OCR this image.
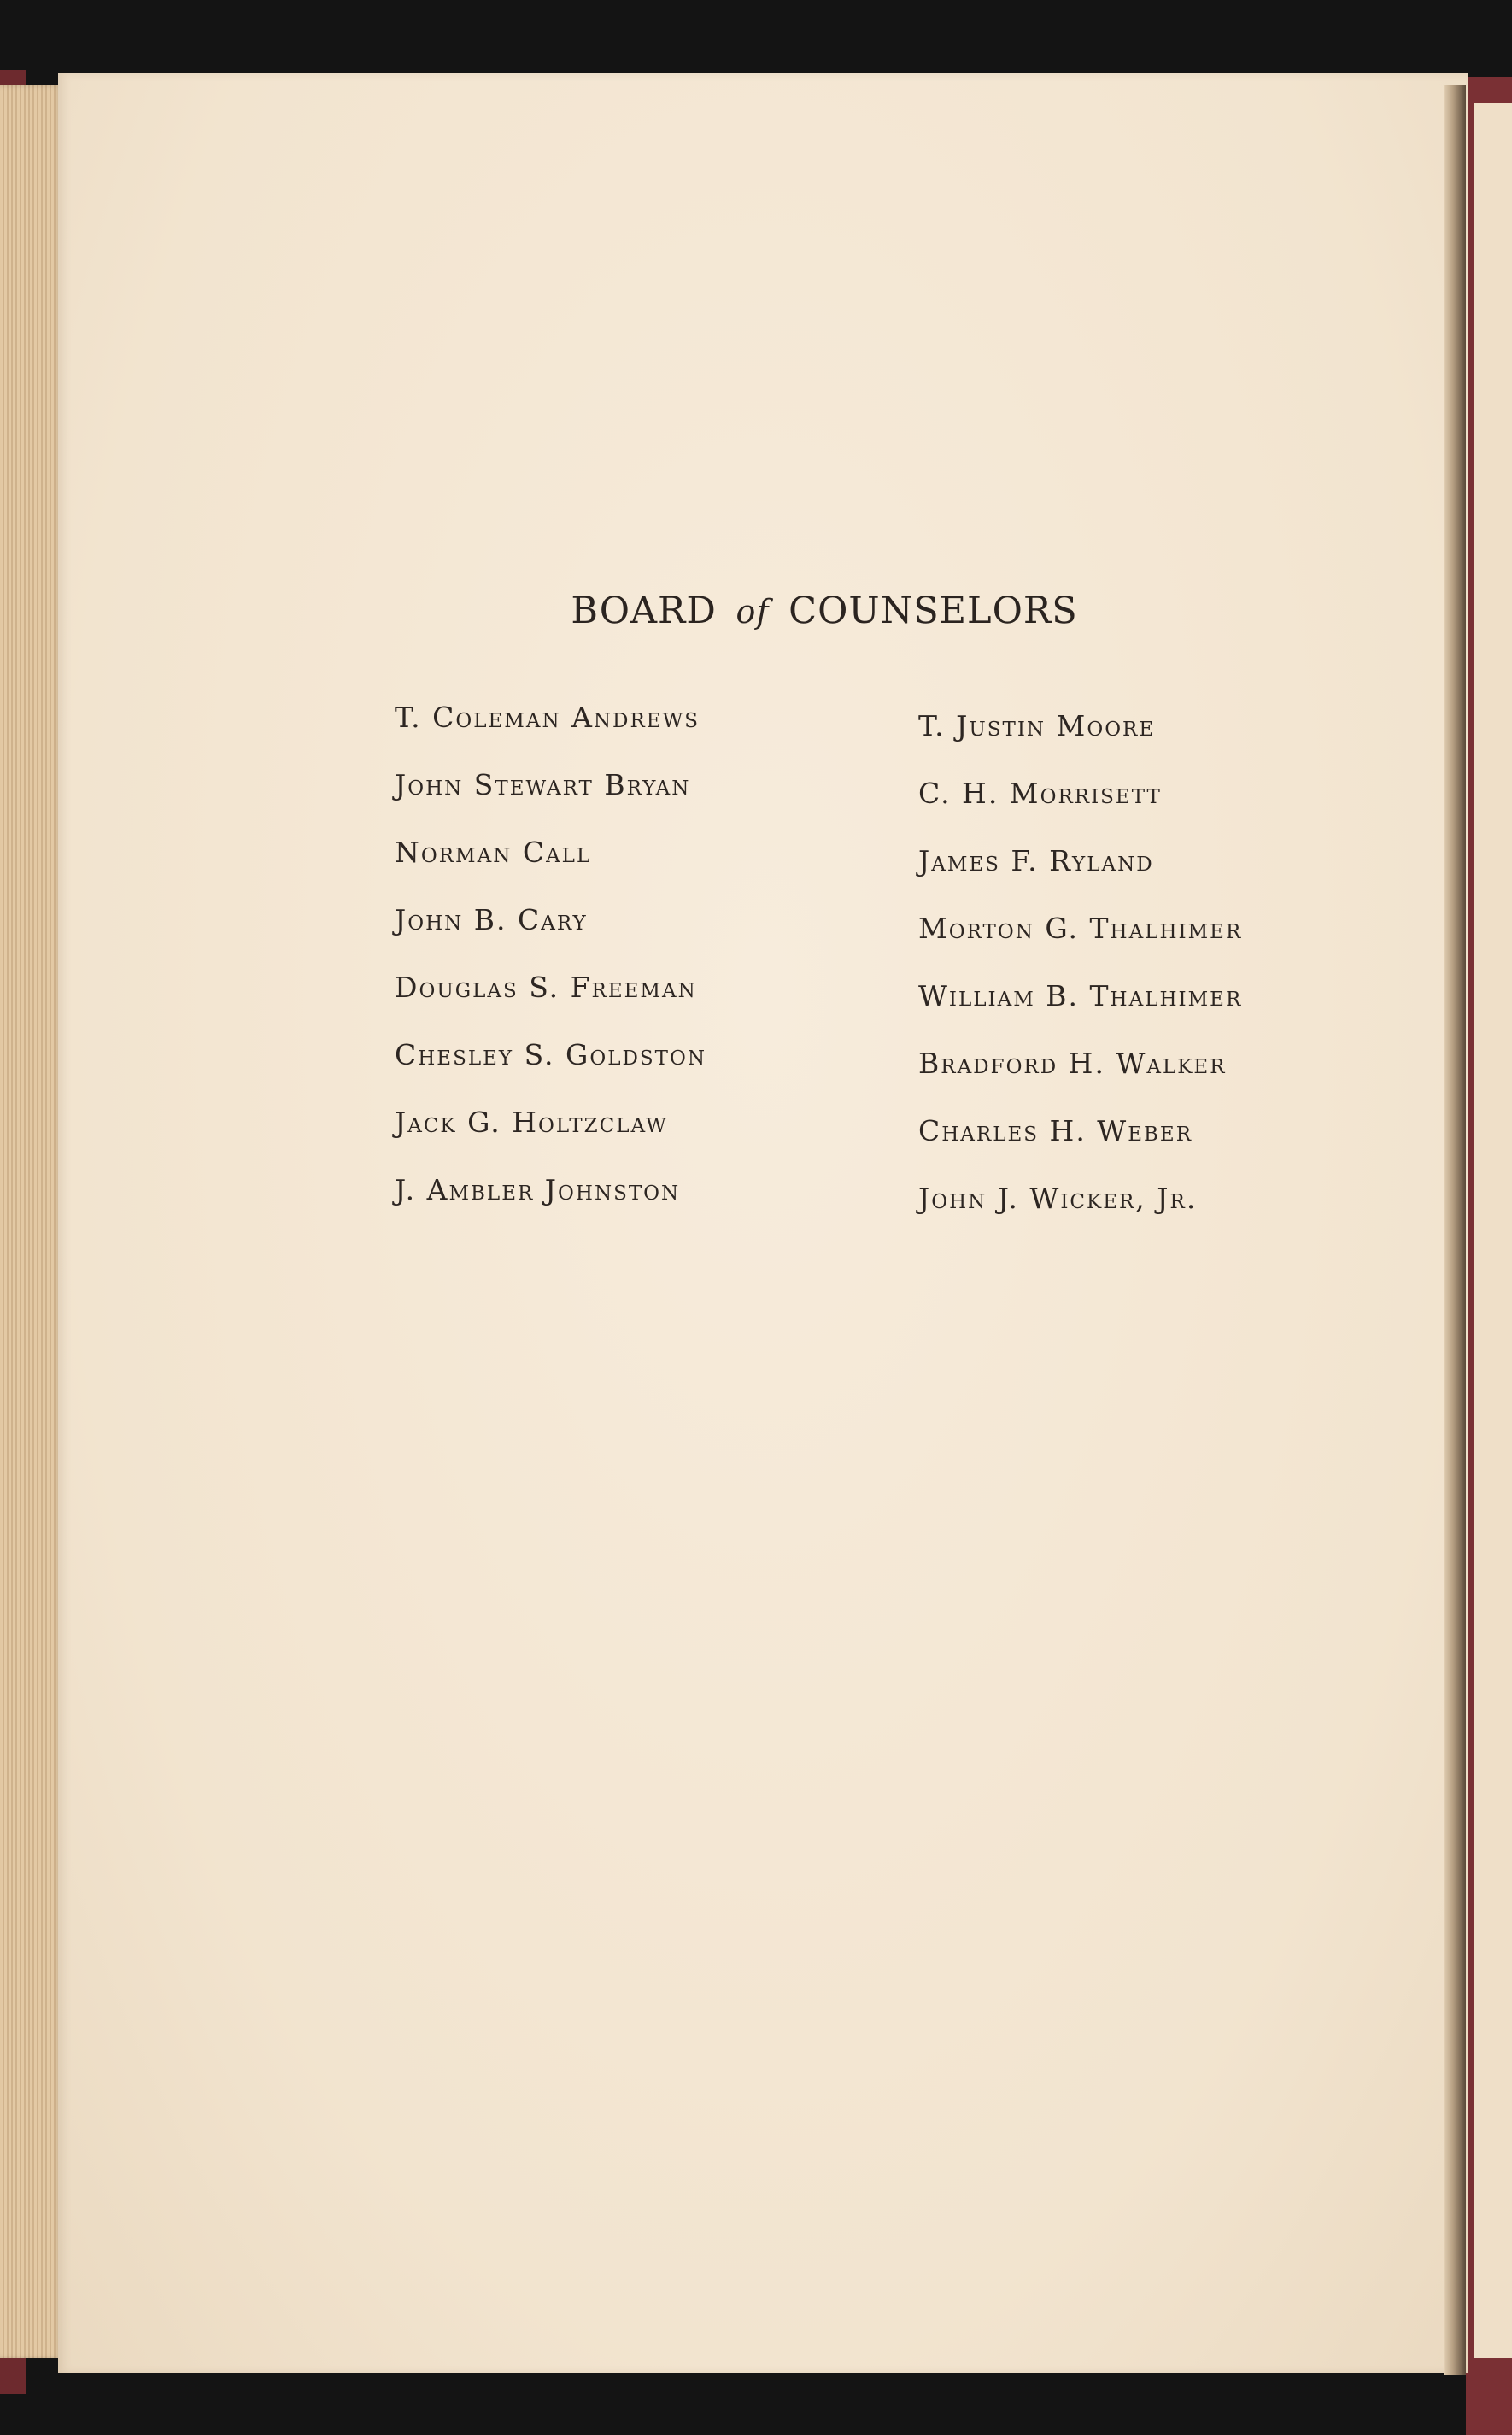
BOARD of COUNSELORS
T. Coleman Andrews
John Stewart Bryan
Norman Call
John B. Cary
Douglas S. Freeman
Chesley S. Goldston
Jack G. Holtzclaw
J. Ambler Johnston
T. Justin Moore
C. H. Morrisett
James F. Ryland
Morton G. Thalhimer
William B. Thalhimer
Bradford H. Walker
Charles H. Weber
John J. Wicker, Jr.
